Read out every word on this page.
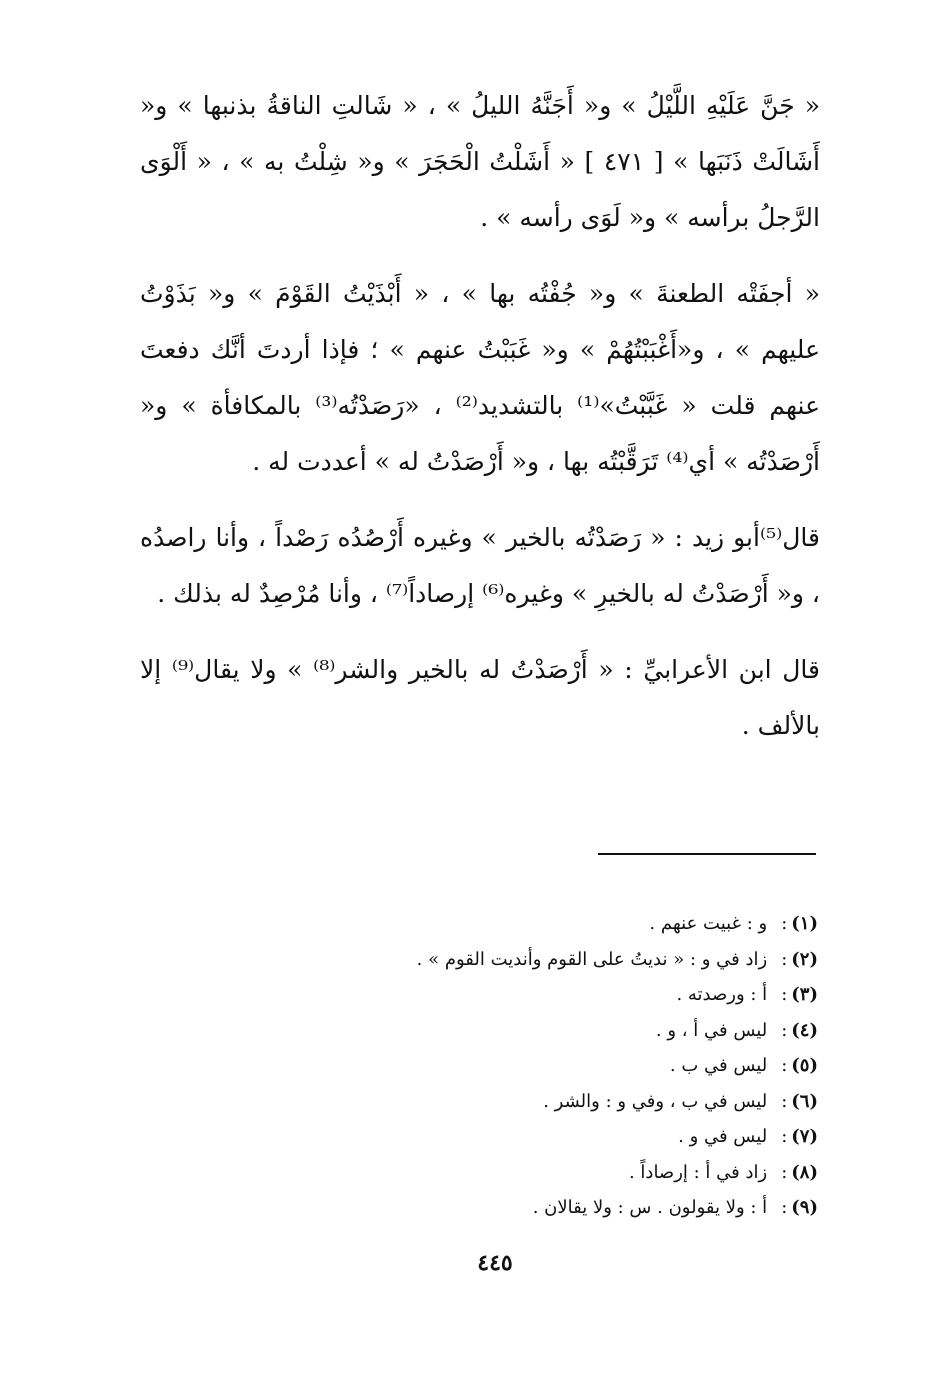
« جَنَّ عَلَيْهِ اللَّيْلُ » و« أَجَنَّهُ الليلُ » ، « شَالتِ الناقةُ بذنبها » و« أَشَالَتْ ذَنَبَها » [ ٤٧١ ] « أَشَلْتُ الْحَجَرَ » و« شِلْتُ به » ، « أَلْوَى الرَّجلُ برأسه » و« لَوَى رأسه » .

« أجفَتْه الطعنةَ » و« جُفْتُه بها » ، « أَبْذَيْتُ القَوْمَ » و« بَذَوْتُ عليهم » ، و«أَغْبَبْتُهُمْ » و« غَبَبْتُ عنهم » ؛ فإذا أردتَ أنَّك دفعتَ عنهم قلت « غَبَّبْتُ»⁽¹⁾ بالتشديد⁽²⁾ ، «رَصَدْتُه⁽³⁾ بالمكافأة » و« أَرْصَدْتُه » أي⁽⁴⁾ تَرَقَّبْتُه بها ، و« أَرْصَدْتُ له » أعددت له .

قال⁽⁵⁾أبو زيد : « رَصَدْتُه بالخير » وغيره أَرْصُدُه رَصْداً ، وأنا راصدُه ، و« أَرْصَدْتُ له بالخيرِ » وغيره⁽⁶⁾ إرصاداً⁽⁷⁾ ، وأنا مُرْصِدٌ له بذلك .

قال ابن الأعرابيِّ : « أَرْصَدْتُ له بالخير والشر⁽⁸⁾ » ولا يقال⁽⁹⁾ إلا بالألف .

(١):و : غبيت عنهم .
(٢):زاد في و : « نديتُ على القوم وأنديت القوم » .
(٣):أ : ورصدته .
(٤):ليس في أ ، و .
(٥):ليس في ب .
(٦):ليس في ب ، وفي و : والشر .
(٧):ليس في و .
(٨):زاد في أ : إرصاداً .
(٩):أ : ولا يقولون . س : ولا يقالان .
٤٤٥
